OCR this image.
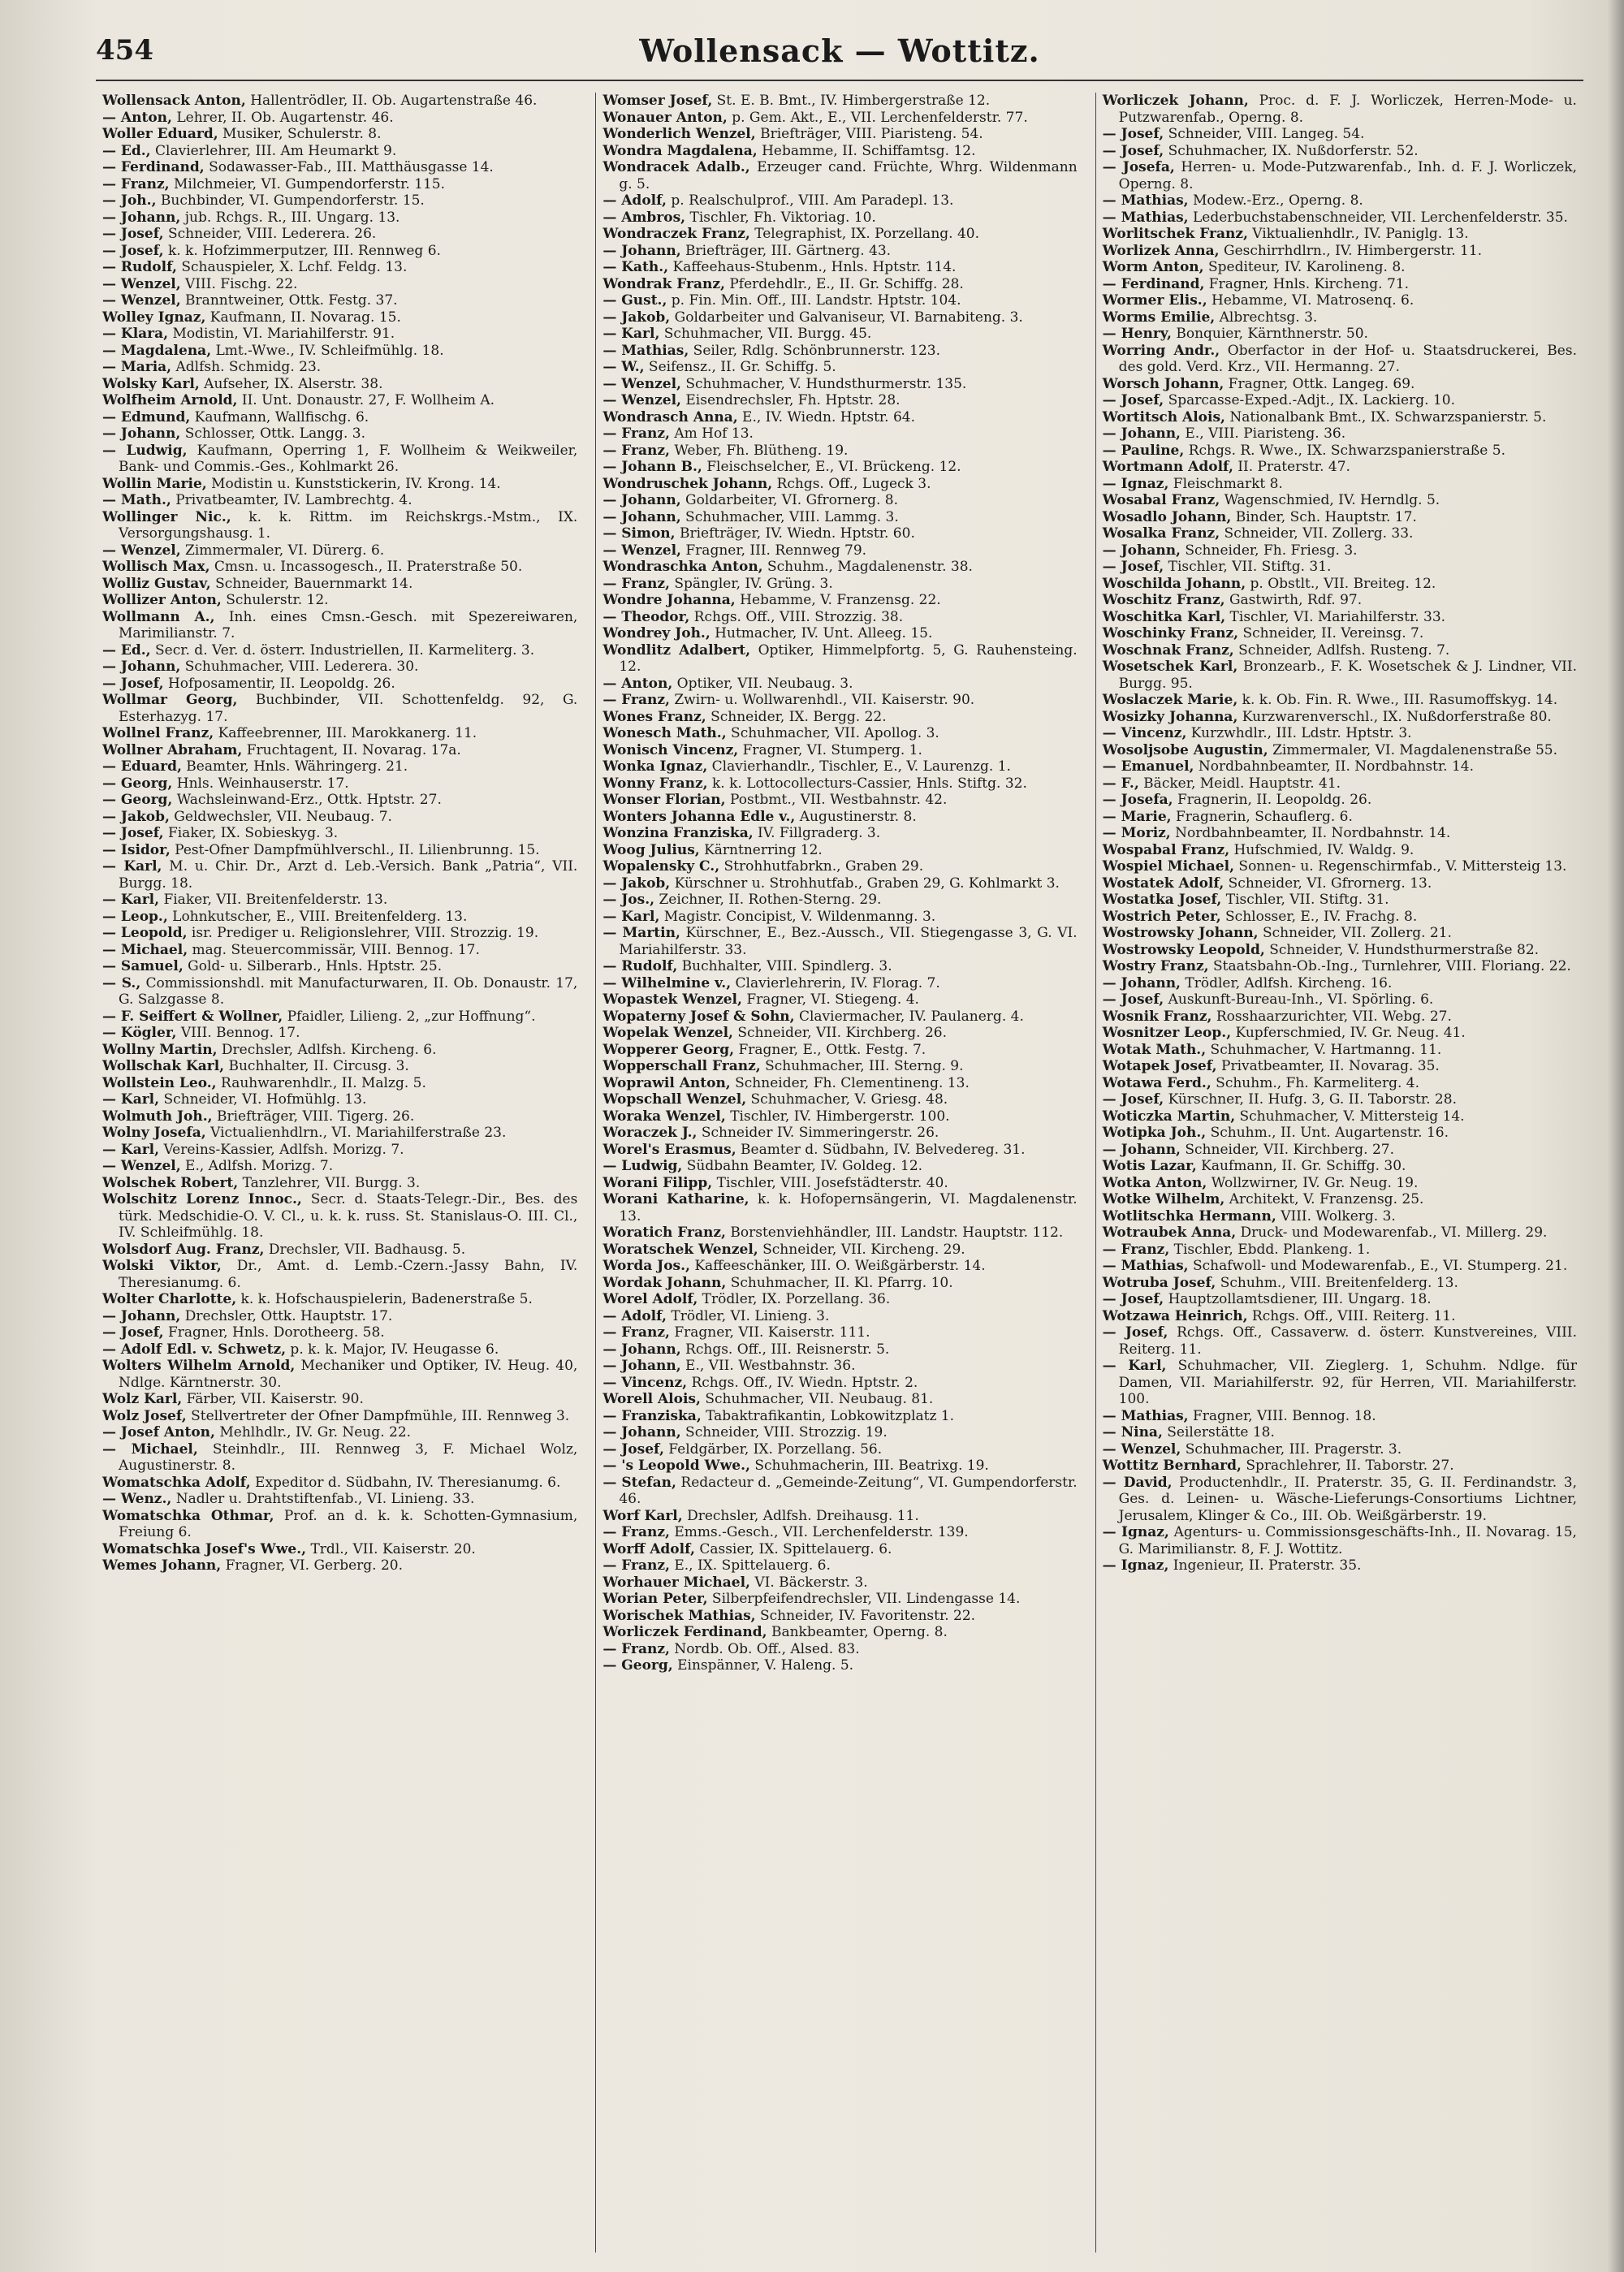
454	Wollensack — Wottitz.
Wollensack Anton, Hallentrödler, II. Ob. Augartenstraße 46.
— Anton, Lehrer, II. Ob. Augartenstr. 46.
Woller Eduard, Musiker, Schulerstr. 8.
— Ed., Clavierlehrer, III. Am Heumarkt 9.
— Ferdinand, Sodawasser-Fab., III. Matthäusgasse 14.
— Franz, Milchmeier, VI. Gumpendorferstr. 115.
— Joh., Buchbinder, VI. Gumpendorferstr. 15.
— Johann, jub. Rchgs. R., III. Ungarg. 13.
— Josef, Schneider, VIII. Lederera. 26.
— Josef, k. k. Hofzimmerputzer, III. Rennweg 6.
— Rudolf, Schauspieler, X. Lchf. Feldg. 13.
— Wenzel, VIII. Fischg. 22.
— Wenzel, Branntweiner, Ottk. Festg. 37.
Wolley Ignaz, Kaufmann, II. Novarag. 15.
— Klara, Modistin, VI. Mariahilferstr. 91.
— Magdalena, Lmt.-Wwe., IV. Schleifmühlg. 18.
— Maria, Adlfsh. Schmidg. 23.
Wolsky Karl, Aufseher, IX. Alserstr. 38.
Wolfheim Arnold, II. Unt. Donaustr. 27, F. Wollheim A.
— Edmund, Kaufmann, Wallfischg. 6.
— Johann, Schlosser, Ottk. Langg. 3.
— Ludwig, Kaufmann, Operring 1, F. Wollheim & Weikweiler, Bank- und Commis.-Ges., Kohlmarkt 26.
Wollin Marie, Modistin u. Kunststickerin, IV. Krong. 14.
— Math., Privatbeamter, IV. Lambrechtg. 4.
Wollinger Nic., k. k. Rittm. im Reichskrgs.-Mstm., IX. Versorgungshausg. 1.
— Wenzel, Zimmermaler, VI. Dürerg. 6.
Wollisch Max, Cmsn. u. Incassogesch., II. Praterstraße 50.
Wolliz Gustav, Schneider, Bauernmarkt 14.
Wollizer Anton, Schulerstr. 12.
Wollmann A., Inh. eines Cmsn.-Gesch. mit Spezereiwaren, Marimilianstr. 7.
— Ed., Secr. d. Ver. d. österr. Industriellen, II. Karmeliterg. 3.
— Johann, Schuhmacher, VIII. Lederera. 30.
— Josef, Hofposamentir, II. Leopoldg. 26.
Wollmar Georg, Buchbinder, VII. Schottenfeldg. 92, G. Esterhazyg. 17.
Wollnel Franz, Kaffeebrenner, III. Marokkanerg. 11.
Wollner Abraham, Fruchtagent, II. Novarag. 17a.
— Eduard, Beamter, Hnls. Währingerg. 21.
— Georg, Hnls. Weinhauserstr. 17.
— Georg, Wachsleinwand-Erz., Ottk. Hptstr. 27.
— Jakob, Geldwechsler, VII. Neubaug. 7.
— Josef, Fiaker, IX. Sobieskyg. 3.
— Isidor, Pest-Ofner Dampfmühlverschl., II. Lilienbrunng. 15.
— Karl, M. u. Chir. Dr., Arzt d. Leb.-Versich. Bank „Patria“, VII. Burgg. 18.
— Karl, Fiaker, VII. Breitenfelderstr. 13.
— Leop., Lohnkutscher, E., VIII. Breitenfelderg. 13.
— Leopold, isr. Prediger u. Religionslehrer, VIII. Strozzig. 19.
— Michael, mag. Steuercommissär, VIII. Bennog. 17.
— Samuel, Gold- u. Silberarb., Hnls. Hptstr. 25.
— S., Commissionshdl. mit Manufacturwaren, II. Ob. Donaustr. 17, G. Salzgasse 8.
— F. Seiffert & Wollner, Pfaidler, Lilieng. 2, „zur Hoffnung“.
— Kögler, VIII. Bennog. 17.
Wollny Martin, Drechsler, Adlfsh. Kircheng. 6.
Wollschak Karl, Buchhalter, II. Circusg. 3.
Wollstein Leo., Rauhwarenhdlr., II. Malzg. 5.
— Karl, Schneider, VI. Hofmühlg. 13.
Wolmuth Joh., Briefträger, VIII. Tigerg. 26.
Wolny Josefa, Victualienhdlrn., VI. Mariahilferstraße 23.
— Karl, Vereins-Kassier, Adlfsh. Morizg. 7.
— Wenzel, E., Adlfsh. Morizg. 7.
Wolschek Robert, Tanzlehrer, VII. Burgg. 3.
Wolschitz Lorenz Innoc., Secr. d. Staats-Telegr.-Dir., Bes. des türk. Medschidie-O. V. Cl., u. k. k. russ. St. Stanislaus-O. III. Cl., IV. Schleifmühlg. 18.
Wolsdorf Aug. Franz, Drechsler, VII. Badhausg. 5.
Wolski Viktor, Dr., Amt. d. Lemb.-Czern.-Jassy Bahn, IV. Theresianumg. 6.
Wolter Charlotte, k. k. Hofschauspielerin, Badenerstraße 5.
— Johann, Drechsler, Ottk. Hauptstr. 17.
— Josef, Fragner, Hnls. Dorotheerg. 58.
— Adolf Edl. v. Schwetz, p. k. k. Major, IV. Heugasse 6.
Wolters Wilhelm Arnold, Mechaniker und Optiker, IV. Heug. 40, Ndlge. Kärntnerstr. 30.
Wolz Karl, Färber, VII. Kaiserstr. 90.
Wolz Josef, Stellvertreter der Ofner Dampfmühle, III. Rennweg 3.
— Josef Anton, Mehlhdlr., IV. Gr. Neug. 22.
— Michael, Steinhdlr., III. Rennweg 3, F. Michael Wolz, Augustinerstr. 8.
Womatschka Adolf, Expeditor d. Südbahn, IV. Theresianumg. 6.
— Wenz., Nadler u. Drahtstiftenfab., VI. Linieng. 33.
Womatschka Othmar, Prof. an d. k. k. Schotten-Gymnasium, Freiung 6.
Womatschka Josef's Wwe., Trdl., VII. Kaiserstr. 20.
Wemes Johann, Fragner, VI. Gerberg. 20.
Womser Josef, St. E. B. Bmt., IV. Himbergerstraße 12.
Wonauer Anton, p. Gem. Akt., E., VII. Lerchenfelderstr. 77.
Wonderlich Wenzel, Briefträger, VIII. Piaristeng. 54.
Wondra Magdalena, Hebamme, II. Schiffamtsg. 12.
Wondracek Adalb., Erzeuger cand. Früchte, Whrg. Wildenmann g. 5.
— Adolf, p. Realschulprof., VIII. Am Paradepl. 13.
— Ambros, Tischler, Fh. Viktoriag. 10.
Wondraczek Franz, Telegraphist, IX. Porzellang. 40.
— Johann, Briefträger, III. Gärtnerg. 43.
— Kath., Kaffeehaus-Stubenm., Hnls. Hptstr. 114.
Wondrak Franz, Pferdehdlr., E., II. Gr. Schiffg. 28.
— Gust., p. Fin. Min. Off., III. Landstr. Hptstr. 104.
— Jakob, Goldarbeiter und Galvaniseur, VI. Barnabiteng. 3.
— Karl, Schuhmacher, VII. Burgg. 45.
— Mathias, Seiler, Rdlg. Schönbrunnerstr. 123.
— W., Seifensz., II. Gr. Schiffg. 5.
— Wenzel, Schuhmacher, V. Hundsthurmerstr. 135.
— Wenzel, Eisendrechsler, Fh. Hptstr. 28.
Wondrasch Anna, E., IV. Wiedn. Hptstr. 64.
— Franz, Am Hof 13.
— Franz, Weber, Fh. Blütheng. 19.
— Johann B., Fleischselcher, E., VI. Brückeng. 12.
Wondruschek Johann, Rchgs. Off., Lugeck 3.
— Johann, Goldarbeiter, VI. Gfrornerg. 8.
— Johann, Schuhmacher, VIII. Lammg. 3.
— Simon, Briefträger, IV. Wiedn. Hptstr. 60.
— Wenzel, Fragner, III. Rennweg 79.
Wondraschka Anton, Schuhm., Magdalenenstr. 38.
— Franz, Spängler, IV. Grüng. 3.
Wondre Johanna, Hebamme, V. Franzensg. 22.
— Theodor, Rchgs. Off., VIII. Strozzig. 38.
Wondrey Joh., Hutmacher, IV. Unt. Alleeg. 15.
Wondlitz Adalbert, Optiker, Himmelpfortg. 5, G. Rauhensteing. 12.
— Anton, Optiker, VII. Neubaug. 3.
— Franz, Zwirn- u. Wollwarenhdl., VII. Kaiserstr. 90.
Wones Franz, Schneider, IX. Bergg. 22.
Wonesch Math., Schuhmacher, VII. Apollog. 3.
Wonisch Vincenz, Fragner, VI. Stumperg. 1.
Wonka Ignaz, Clavierhandlr., Tischler, E., V. Laurenzg. 1.
Wonny Franz, k. k. Lottocollecturs-Cassier, Hnls. Stiftg. 32.
Wonser Florian, Postbmt., VII. Westbahnstr. 42.
Wonters Johanna Edle v., Augustinerstr. 8.
Wonzina Franziska, IV. Fillgraderg. 3.
Woog Julius, Kärntnerring 12.
Wopalensky C., Strohhutfabrkn., Graben 29.
— Jakob, Kürschner u. Strohhutfab., Graben 29, G. Kohlmarkt 3.
— Jos., Zeichner, II. Rothen-Sterng. 29.
— Karl, Magistr. Concipist, V. Wildenmanng. 3.
— Martin, Kürschner, E., Bez.-Aussch., VII. Stiegengasse 3, G. VI. Mariahilferstr. 33.
— Rudolf, Buchhalter, VIII. Spindlerg. 3.
— Wilhelmine v., Clavierlehrerin, IV. Florag. 7.
Wopastek Wenzel, Fragner, VI. Stiegeng. 4.
Wopaterny Josef & Sohn, Claviermacher, IV. Paulanerg. 4.
Wopelak Wenzel, Schneider, VII. Kirchberg. 26.
Wopperer Georg, Fragner, E., Ottk. Festg. 7.
Wopperschall Franz, Schuhmacher, III. Sterng. 9.
Woprawil Anton, Schneider, Fh. Clementineng. 13.
Wopschall Wenzel, Schuhmacher, V. Griesg. 48.
Woraka Wenzel, Tischler, IV. Himbergerstr. 100.
Woraczek J., Schneider IV. Simmeringerstr. 26.
Worel's Erasmus, Beamter d. Südbahn, IV. Belvedereg. 31.
— Ludwig, Südbahn Beamter, IV. Goldeg. 12.
Worani Filipp, Tischler, VIII. Josefstädterstr. 40.
Worani Katharine, k. k. Hofopernsängerin, VI. Magdalenenstr. 13.
Woratich Franz, Borstenviehhändler, III. Landstr. Hauptstr. 112.
Woratschek Wenzel, Schneider, VII. Kircheng. 29.
Worda Jos., Kaffeeschänker, III. O. Weißgärberstr. 14.
Wordak Johann, Schuhmacher, II. Kl. Pfarrg. 10.
Worel Adolf, Trödler, IX. Porzellang. 36.
— Adolf, Trödler, VI. Linieng. 3.
— Franz, Fragner, VII. Kaiserstr. 111.
— Johann, Rchgs. Off., III. Reisnerstr. 5.
— Johann, E., VII. Westbahnstr. 36.
— Vincenz, Rchgs. Off., IV. Wiedn. Hptstr. 2.
Worell Alois, Schuhmacher, VII. Neubaug. 81.
— Franziska, Tabaktrafikantin, Lobkowitzplatz 1.
— Johann, Schneider, VIII. Strozzig. 19.
— Josef, Feldgärber, IX. Porzellang. 56.
— 's Leopold Wwe., Schuhmacherin, III. Beatrixg. 19.
— Stefan, Redacteur d. „Gemeinde-Zeitung“, VI. Gumpendorferstr. 46.
Worf Karl, Drechsler, Adlfsh. Dreihausg. 11.
— Franz, Emms.-Gesch., VII. Lerchenfelderstr. 139.
Worff Adolf, Cassier, IX. Spittelauerg. 6.
— Franz, E., IX. Spittelauerg. 6.
Worhauer Michael, VI. Bäckerstr. 3.
Worian Peter, Silberpfeifendrechsler, VII. Lindengasse 14.
Worischek Mathias, Schneider, IV. Favoritenstr. 22.
Worliczek Ferdinand, Bankbeamter, Operng. 8.
— Franz, Nordb. Ob. Off., Alsed. 83.
— Georg, Einspänner, V. Haleng. 5.
Worliczek Johann, Proc. d. F. J. Worliczek, Herren-Mode- u. Putzwarenfab., Operng. 8.
— Josef, Schneider, VIII. Langeg. 54.
— Josef, Schuhmacher, IX. Nußdorferstr. 52.
— Josefa, Herren- u. Mode-Putzwarenfab., Inh. d. F. J. Worliczek, Operng. 8.
— Mathias, Modew.-Erz., Operng. 8.
— Mathias, Lederbuchstabenschneider, VII. Lerchenfelderstr. 35.
Worlitschek Franz, Viktualienhdlr., IV. Paniglg. 13.
Worlizek Anna, Geschirrhdlrn., IV. Himbergerstr. 11.
Worm Anton, Spediteur, IV. Karolineng. 8.
— Ferdinand, Fragner, Hnls. Kircheng. 71.
Wormer Elis., Hebamme, VI. Matrosenq. 6.
Worms Emilie, Albrechtsg. 3.
— Henry, Bonquier, Kärnthnerstr. 50.
Worring Andr., Oberfactor in der Hof- u. Staatsdruckerei, Bes. des gold. Verd. Krz., VII. Hermanng. 27.
Worsch Johann, Fragner, Ottk. Langeg. 69.
— Josef, Sparcasse-Exped.-Adjt., IX. Lackierg. 10.
Wortitsch Alois, Nationalbank Bmt., IX. Schwarzspanierstr. 5.
— Johann, E., VIII. Piaristeng. 36.
— Pauline, Rchgs. R. Wwe., IX. Schwarzspanierstraße 5.
Wortmann Adolf, II. Praterstr. 47.
— Ignaz, Fleischmarkt 8.
Wosabal Franz, Wagenschmied, IV. Herndlg. 5.
Wosadlo Johann, Binder, Sch. Hauptstr. 17.
Wosalka Franz, Schneider, VII. Zollerg. 33.
— Johann, Schneider, Fh. Friesg. 3.
— Josef, Tischler, VII. Stiftg. 31.
Woschilda Johann, p. Obstlt., VII. Breiteg. 12.
Woschitz Franz, Gastwirth, Rdf. 97.
Woschitka Karl, Tischler, VI. Mariahilferstr. 33.
Woschinky Franz, Schneider, II. Vereinsg. 7.
Woschnak Franz, Schneider, Adlfsh. Rusteng. 7.
Wosetschek Karl, Bronzearb., F. K. Wosetschek & J. Lindner, VII. Burgg. 95.
Woslaczek Marie, k. k. Ob. Fin. R. Wwe., III. Rasumoffskyg. 14.
Wosizky Johanna, Kurzwarenverschl., IX. Nußdorferstraße 80.
— Vincenz, Kurzwhdlr., III. Ldstr. Hptstr. 3.
Wosoljsobe Augustin, Zimmermaler, VI. Magdalenenstraße 55.
— Emanuel, Nordbahnbeamter, II. Nordbahnstr. 14.
— F., Bäcker, Meidl. Hauptstr. 41.
— Josefa, Fragnerin, II. Leopoldg. 26.
— Marie, Fragnerin, Schauflerg. 6.
— Moriz, Nordbahnbeamter, II. Nordbahnstr. 14.
Wospabal Franz, Hufschmied, IV. Waldg. 9.
Wospiel Michael, Sonnen- u. Regenschirmfab., V. Mittersteig 13.
Wostatek Adolf, Schneider, VI. Gfrornerg. 13.
Wostatka Josef, Tischler, VII. Stiftg. 31.
Wostrich Peter, Schlosser, E., IV. Frachg. 8.
Wostrowsky Johann, Schneider, VII. Zollerg. 21.
Wostrowsky Leopold, Schneider, V. Hundsthurmerstraße 82.
Wostry Franz, Staatsbahn-Ob.-Ing., Turnlehrer, VIII. Floriang. 22.
— Johann, Trödler, Adlfsh. Kircheng. 16.
— Josef, Auskunft-Bureau-Inh., VI. Spörling. 6.
Wosnik Franz, Rosshaarzurichter, VII. Webg. 27.
Wosnitzer Leop., Kupferschmied, IV. Gr. Neug. 41.
Wotak Math., Schuhmacher, V. Hartmanng. 11.
Wotapek Josef, Privatbeamter, II. Novarag. 35.
Wotawa Ferd., Schuhm., Fh. Karmeliterg. 4.
— Josef, Kürschner, II. Hufg. 3, G. II. Taborstr. 28.
Woticzka Martin, Schuhmacher, V. Mittersteig 14.
Wotipka Joh., Schuhm., II. Unt. Augartenstr. 16.
— Johann, Schneider, VII. Kirchberg. 27.
Wotis Lazar, Kaufmann, II. Gr. Schiffg. 30.
Wotka Anton, Wollzwirner, IV. Gr. Neug. 19.
Wotke Wilhelm, Architekt, V. Franzensg. 25.
Wotlitschka Hermann, VIII. Wolkerg. 3.
Wotraubek Anna, Druck- und Modewarenfab., VI. Millerg. 29.
— Franz, Tischler, Ebdd. Plankeng. 1.
— Mathias, Schafwoll- und Modewarenfab., E., VI. Stumperg. 21.
Wotruba Josef, Schuhm., VIII. Breitenfelderg. 13.
— Josef, Hauptzollamtsdiener, III. Ungarg. 18.
Wotzawa Heinrich, Rchgs. Off., VIII. Reiterg. 11.
— Josef, Rchgs. Off., Cassaverw. d. österr. Kunstvereines, VIII. Reiterg. 11.
— Karl, Schuhmacher, VII. Zieglerg. 1, Schuhm. Ndlge. für Damen, VII. Mariahilferstr. 92, für Herren, VII. Mariahilferstr. 100.
— Mathias, Fragner, VIII. Bennog. 18.
— Nina, Seilerstätte 18.
— Wenzel, Schuhmacher, III. Pragerstr. 3.
Wottitz Bernhard, Sprachlehrer, II. Taborstr. 27.
— David, Productenhdlr., II. Praterstr. 35, G. II. Ferdinandstr. 3, Ges. d. Leinen- u. Wäsche-Lieferungs-Consortiums Lichtner, Jerusalem, Klinger & Co., III. Ob. Weißgärberstr. 19.
— Ignaz, Agenturs- u. Commissionsgeschäfts-Inh., II. Novarag. 15, G. Marimilianstr. 8, F. J. Wottitz.
— Ignaz, Ingenieur, II. Praterstr. 35.
